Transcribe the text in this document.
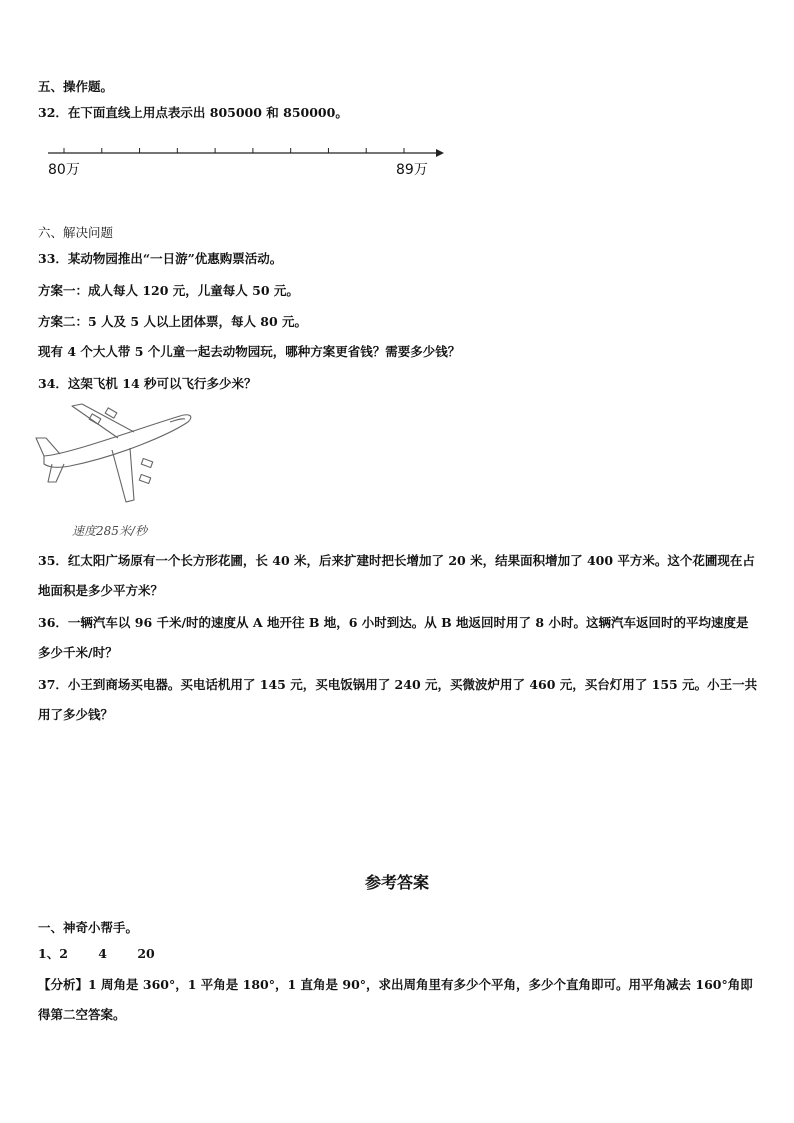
五、操作题。
32．在下面直线上用点表示出 805000 和 850000。
80万	89万
六、解决问题
33．某动物园推出“一日游”优惠购票活动。
方案一：成人每人 120 元，儿童每人 50 元。
方案二：5 人及 5 人以上团体票，每人 80 元。
现有 4 个大人带 5 个儿童一起去动物园玩，哪种方案更省钱？需要多少钱？
34．这架飞机 14 秒可以飞行多少米？
速度285米/秒
35．红太阳广场原有一个长方形花圃，长 40 米，后来扩建时把长增加了 20 米，结果面积增加了 400 平方米。这个花圃现在占地面积是多少平方米？
36．一辆汽车以 96 千米/时的速度从 A 地开往 B 地，6 小时到达。从 B 地返回时用了 8 小时。这辆汽车返回时的平均速度是多少千米/时？
37．小王到商场买电器。买电话机用了 145 元，买电饭锅用了 240 元，买微波炉用了 460 元，买台灯用了 155 元。小王一共用了多少钱？
参考答案
一、神奇小帮手。
1、2 4 20
【分析】1 周角是 360°，1 平角是 180°，1 直角是 90°，求出周角里有多少个平角，多少个直角即可。用平角减去 160°角即得第二空答案。
